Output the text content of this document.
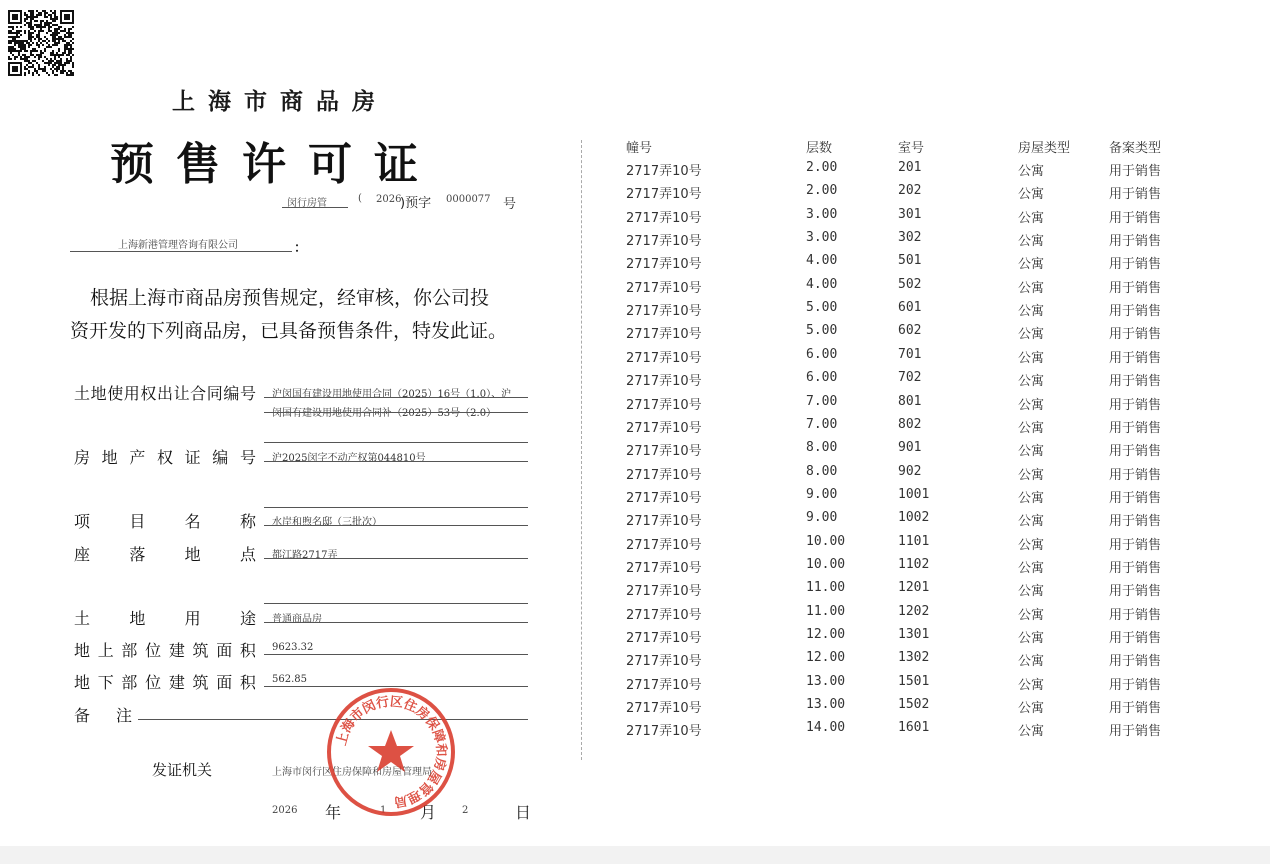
上海市商品房
预售许可证
闵行房管	( 2026
)预字 0000077 号
上海新港管理咨询有限公司	：
根据上海市商品房预售规定，经审核，你公司投
资开发的下列商品房，已具备预售条件，特发此证。
土 地 使 用 权 出 让 合 同 编 号 沪闵国有建设用地使用合同（2025）16号（1.0）、沪
闵国有建设用地使用合同补（2025）53号（2.0）
房 地 产 权 证 编 号 沪2025闵字不动产权第044810号
项 目 名 称 水岸和煦名邸（三批次）
座 落 地 点 都江路2717弄
土 地 用 途 普通商品房
地 上 部 位 建 筑 面 积 9623.32
地 下 部 位 建 筑 面 积 562.85
备 注
发证机关	上海市闵行区住房保障和房屋管理局
2026 年	1 月	2	日
上海市闵行区住房保障和房屋管理局
幢号	层数	室号	房屋类型	备案类型
2717弄10号	2.00	201	公寓	用于销售
2717弄10号	2.00	202	公寓	用于销售
2717弄10号	3.00	301	公寓	用于销售
2717弄10号	3.00	302	公寓	用于销售
2717弄10号	4.00	501	公寓	用于销售
2717弄10号	4.00	502	公寓	用于销售
2717弄10号	5.00	601	公寓	用于销售
2717弄10号	5.00	602	公寓	用于销售
2717弄10号	6.00	701	公寓	用于销售
2717弄10号	6.00	702	公寓	用于销售
2717弄10号	7.00	801	公寓	用于销售
2717弄10号	7.00	802	公寓	用于销售
2717弄10号	8.00	901	公寓	用于销售
2717弄10号	8.00	902	公寓	用于销售
2717弄10号	9.00	1001	公寓	用于销售
2717弄10号	9.00	1002	公寓	用于销售
2717弄10号	10.00	1101	公寓	用于销售
2717弄10号	10.00	1102	公寓	用于销售
2717弄10号	11.00	1201	公寓	用于销售
2717弄10号	11.00	1202	公寓	用于销售
2717弄10号	12.00	1301	公寓	用于销售
2717弄10号	12.00	1302	公寓	用于销售
2717弄10号	13.00	1501	公寓	用于销售
2717弄10号	13.00	1502	公寓	用于销售
2717弄10号	14.00	1601	公寓	用于销售
